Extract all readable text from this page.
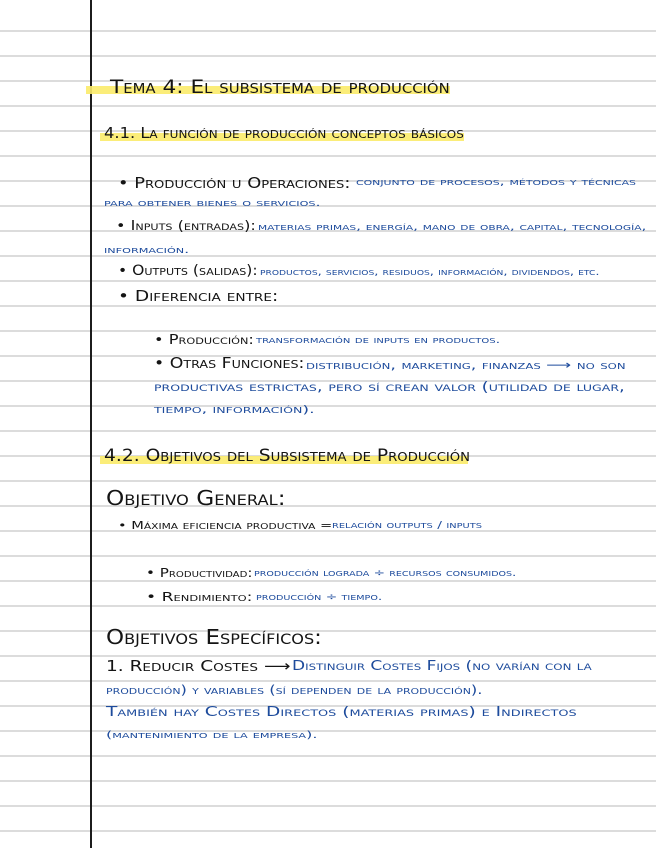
Tema 4: El subsistema de producción
4.1. La función de producción conceptos básicos
• Producción u Operaciones: conjunto de procesos, métodos y técnicas
para obtener bienes o servicios.
• Inputs (entradas): materias primas, energía, mano de obra, capital, tecnología,
información.
• Outputs (salidas): productos, servicios, residuos, información, dividendos, etc.
• Diferencia entre:
• Producción: transformación de inputs en productos.
• Otras Funciones: distribución, marketing, finanzas ⟶ no son
productivas estrictas, pero sí crean valor (utilidad de lugar,
tiempo, información).
4.2. Objetivos del Subsistema de Producción
Objetivo General:
• Máxima eficiencia productiva = relación outputs / inputs
• Productividad: producción lograda ÷ recursos consumidos.
• Rendimiento: producción ÷ tiempo.
Objetivos Específicos:
1. Reducir Costes ⟶ Distinguir Costes Fijos (no varían con la
producción) y variables (sí dependen de la producción).
También hay Costes Directos (materias primas) e Indirectos
(mantenimiento de la empresa).
